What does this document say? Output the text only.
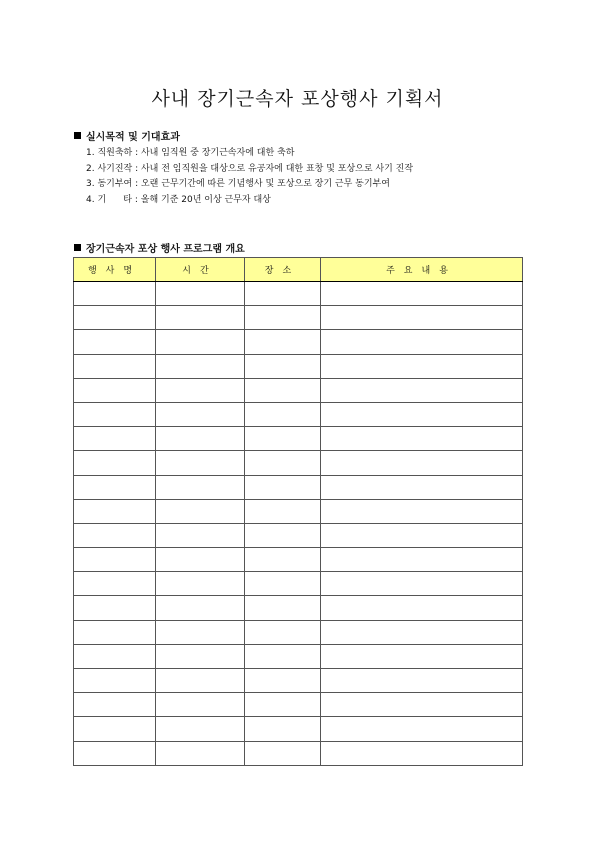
사내 장기근속자 포상행사 기획서
실시목적 및 기대효과
1. 직원축하 : 사내 임직원 중 장기근속자에 대한 축하
2. 사기진작 : 사내 전 임직원을 대상으로 유공자에 대한 표창 및 포상으로 사기 진작
3. 동기부여 : 오랜 근무기간에 따른 기념행사 및 포상으로 장기 근무 동기부여
4. 기      타 : 올해 기준 20년 이상 근무자 대상
장기근속자 포상 행사 프로그램 개요
행사명	시간	장소	주요내용
